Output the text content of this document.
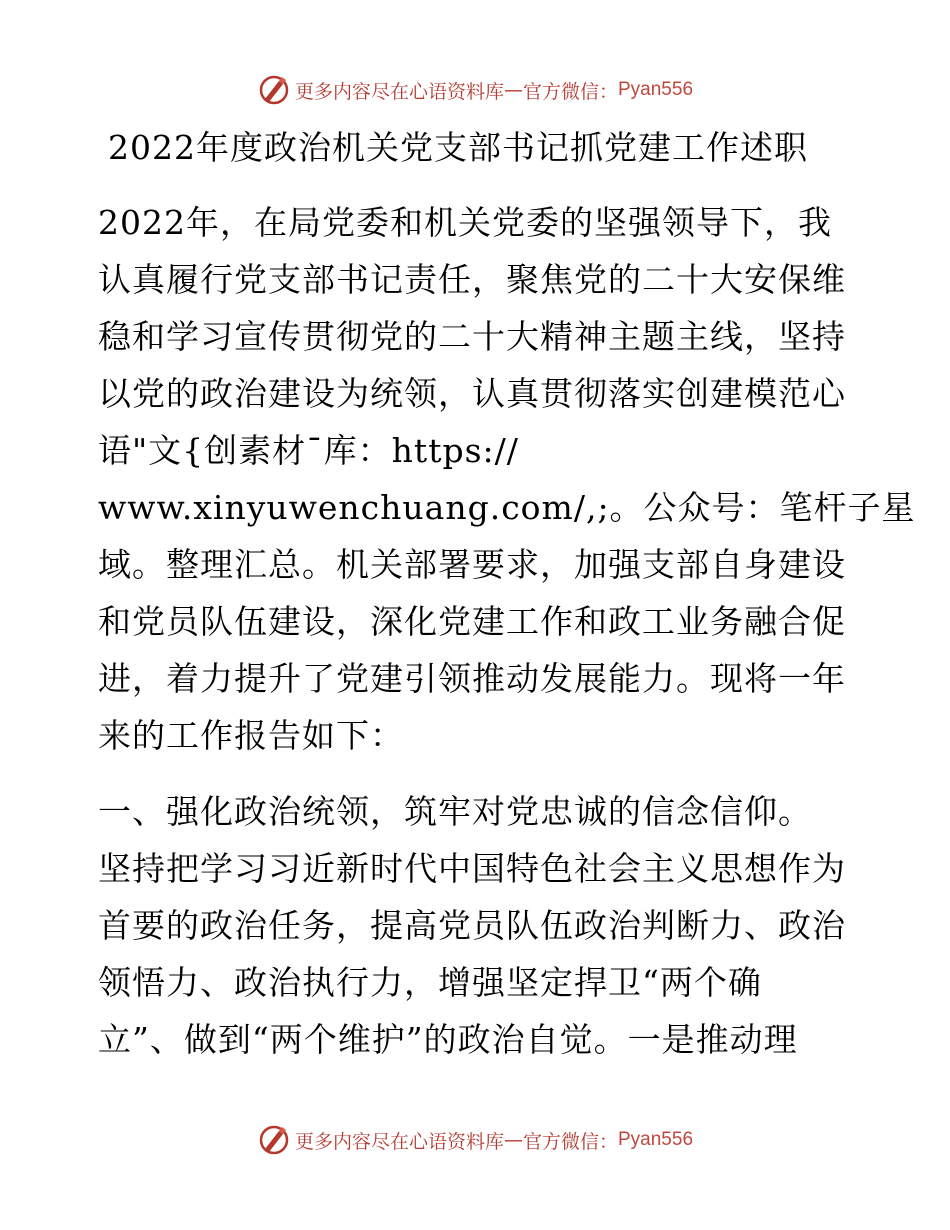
更多内容尽在心语资料库 — 官方微信： Pyan556
2022年度政治机关党支部书记抓党建工作述职
2022年，在局党委和机关党委的坚强领导下，我
认真履行党支部书记责任，聚焦党的二十大安保维
稳和学习宣传贯彻党的二十大精神主题主线，坚持
以党的政治建设为统领，认真贯彻落实创建模范心
语"文{创素材¯库：https://
www.xinyuwenchuang.com/,;。公众号：笔杆子星
域。整理汇总。机关部署要求，加强支部自身建设
和党员队伍建设，深化党建工作和政工业务融合促
进，着力提升了党建引领推动发展能力。现将一年
来的工作报告如下：
一、强化政治统领，筑牢对党忠诚的信念信仰。
坚持把学习习近新时代中国特色社会主义思想作为
首要的政治任务，提高党员队伍政治判断力、政治
领悟力、政治执行力，增强坚定捍卫“两个确
立”、做到“两个维护”的政治自觉。一是推动理
更多内容尽在心语资料库 — 官方微信： Pyan556
